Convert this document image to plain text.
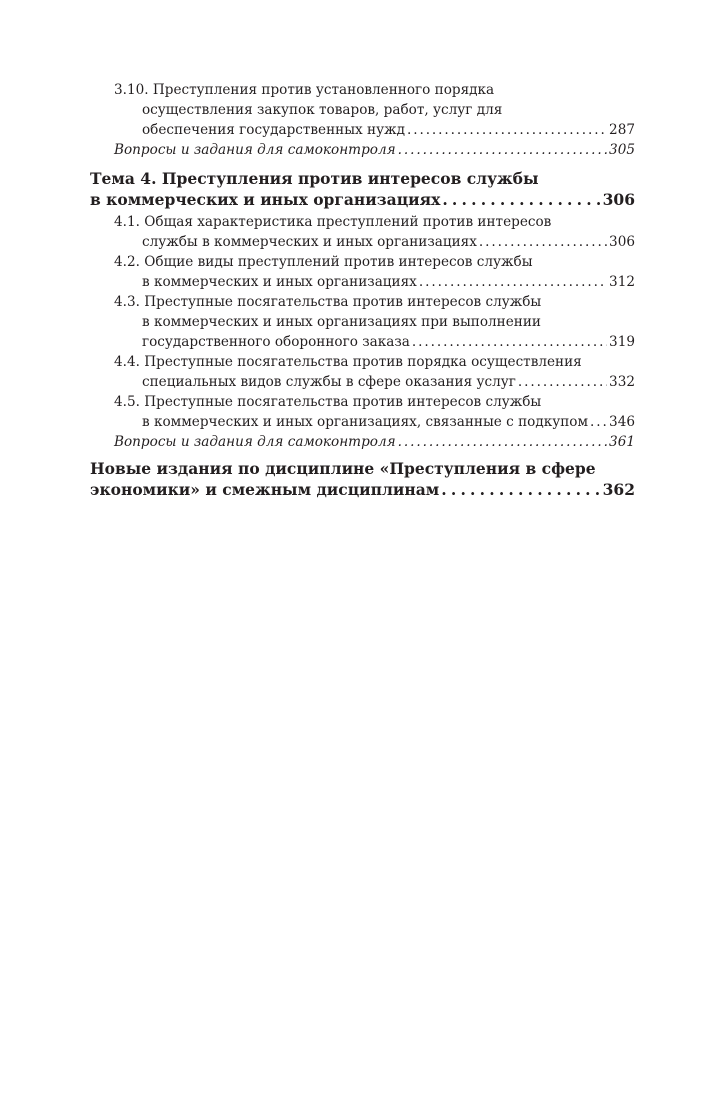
3.10. Преступления против установленного порядка
осуществления закупок товаров, работ, услуг для
обеспечения государственных нужд . . .	287
Вопросы и задания для самоконтроля . . .	305
Тема 4. Преступления против интересов службы
в коммерческих и иных организациях . . .	306
4.1. Общая характеристика преступлений против интересов
службы в коммерческих и иных организациях . . .	306
4.2. Общие виды преступлений против интересов службы
в коммерческих и иных организациях . . .	312
4.3. Преступные посягательства против интересов службы
в коммерческих и иных организациях при выполнении
государственного оборонного заказа . . .	319
4.4. Преступные посягательства против порядка осуществления
специальных видов службы в сфере оказания услуг . . .	332
4.5. Преступные посягательства против интересов службы
в коммерческих и иных организациях, связанные с подкупом . . . 346
Вопросы и задания для самоконтроля . . .	361
Новые издания по дисциплине «Преступления в сфере
экономики» и смежным дисциплинам . . .	362
